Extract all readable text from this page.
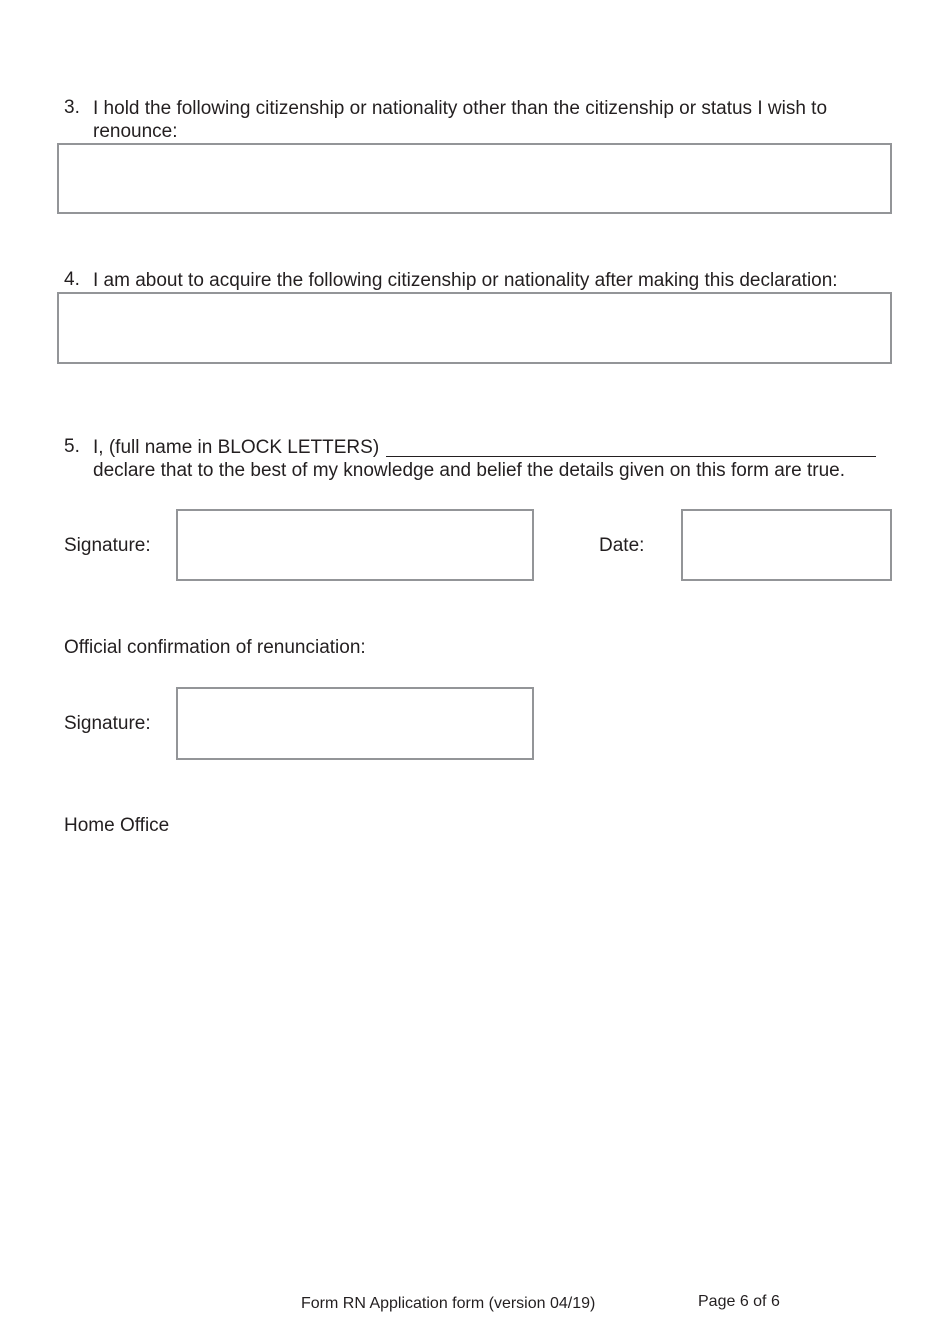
3. I hold the following citizenship or nationality other than the citizenship or status I wish to
renounce:
4. I am about to acquire the following citizenship or nationality after making this declaration:
5. I, (full name in BLOCK LETTERS)
declare that to the best of my knowledge and belief the details given on this form are true.
Signature:	Date:
Official confirmation of renunciation:
Signature:
Home Office
Form RN Application form (version 04/19)	Page 6 of 6
